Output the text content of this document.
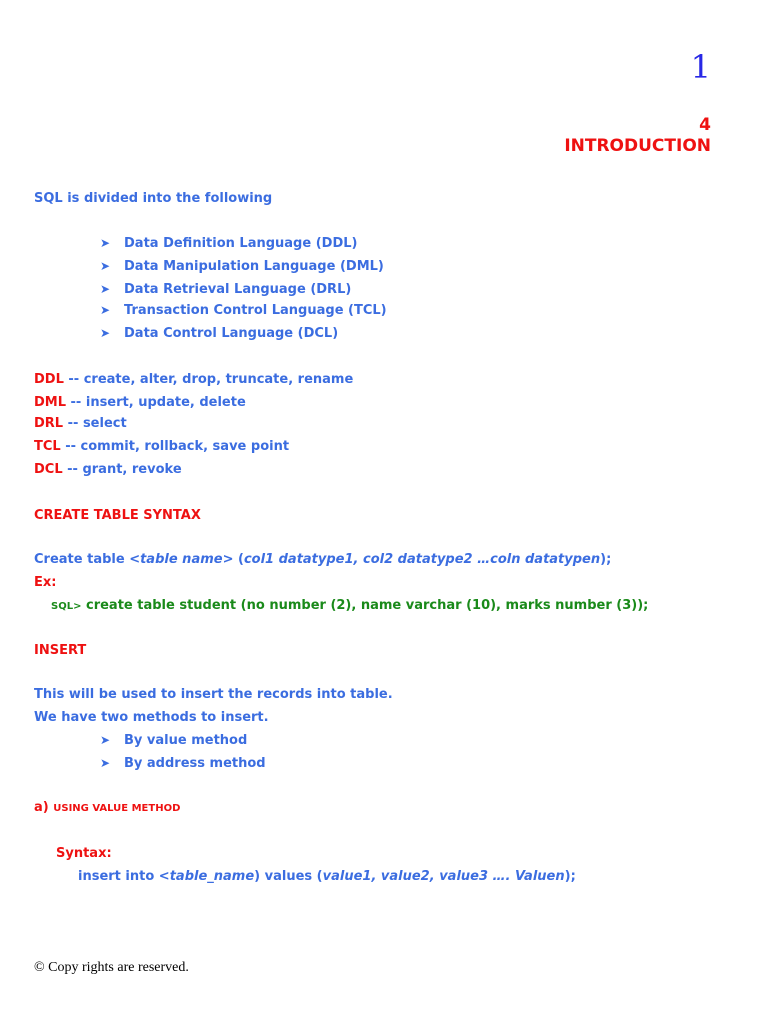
1
4
INTRODUCTION
SQL is divided into the following
➤ Data Definition Language (DDL)
➤ Data Manipulation Language (DML)
➤ Data Retrieval Language (DRL)
➤ Transaction Control Language (TCL)
➤ Data Control Language (DCL)
DDL -- create, alter, drop, truncate, rename
DML -- insert, update, delete
DRL -- select
TCL -- commit, rollback, save point
DCL -- grant, revoke
CREATE TABLE SYNTAX
Create table <table name> (col1 datatype1, col2 datatype2 …coln datatypen);
Ex:
SQL> create table student (no number (2), name varchar (10), marks number (3));
INSERT
This will be used to insert the records into table.
We have two methods to insert.
➤ By value method
➤ By address method
a) USING VALUE METHOD
Syntax:
insert into <table_name) values (value1, value2, value3 …. Valuen);
© Copy rights are reserved.
